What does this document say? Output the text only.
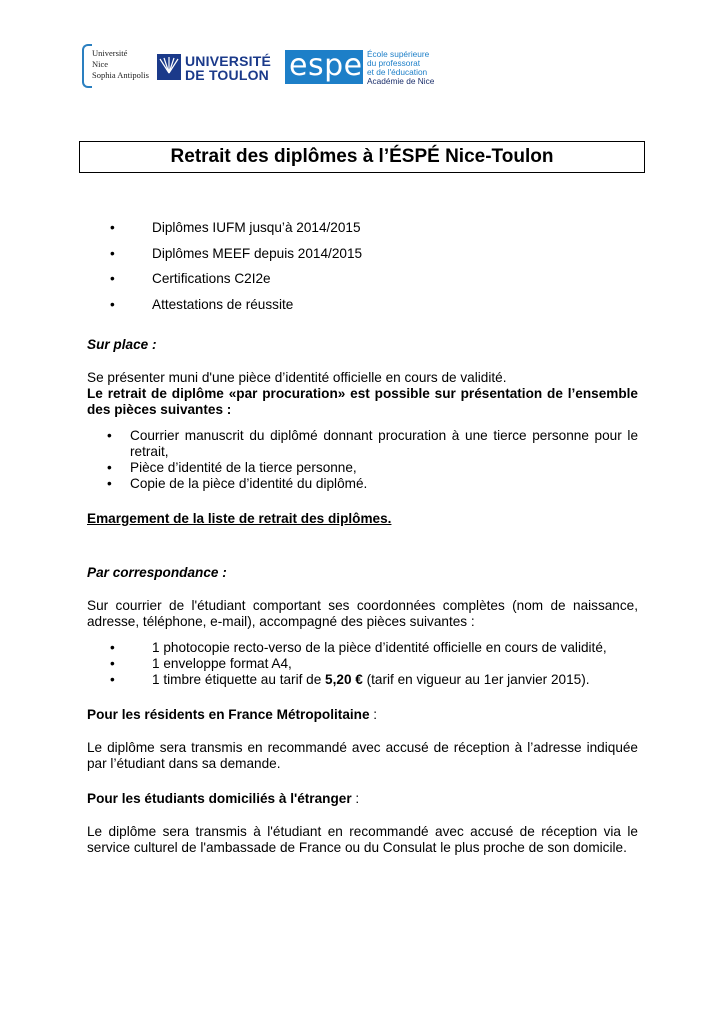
Université
Nice
Sophia Antipolis
UNIVERSITÉ
DE TOULON espe École supérieure
du professorat
et de l'éducation
Académie de Nice
Retrait des diplômes à l’ÉSPÉ Nice-Toulon
•	Diplômes IUFM jusqu’à 2014/2015
•	Diplômes MEEF depuis 2014/2015
•	Certifications C2I2e
•	Attestations de réussite

Sur place :

Se présenter muni d'une pièce d’identité officielle en cours de validité.

Le retrait de diplôme «par procuration» est possible sur présentation de l’ensemble des pièces suivantes :

• Courrier manuscrit du diplômé donnant procuration à une tierce personne pour le retrait,
• Pièce d’identité de la tierce personne,
• Copie de la pièce d’identité du diplômé.

Emargement de la liste de retrait des diplômes.

Par correspondance :

Sur courrier de l'étudiant comportant ses coordonnées complètes (nom de naissance, adresse, téléphone, e-mail), accompagné des pièces suivantes :

•	1 photocopie recto-verso de la pièce d’identité officielle en cours de validité,
•	1 enveloppe format A4,
•	1 timbre étiquette au tarif de 5,20 € (tarif en vigueur au 1er janvier 2015).

Pour les résidents en France Métropolitaine :

Le diplôme sera transmis en recommandé avec accusé de réception à l’adresse indiquée par l’étudiant dans sa demande.

Pour les étudiants domiciliés à l'étranger :

Le diplôme sera transmis à l'étudiant en recommandé avec accusé de réception via le service culturel de l'ambassade de France ou du Consulat le plus proche de son domicile.
